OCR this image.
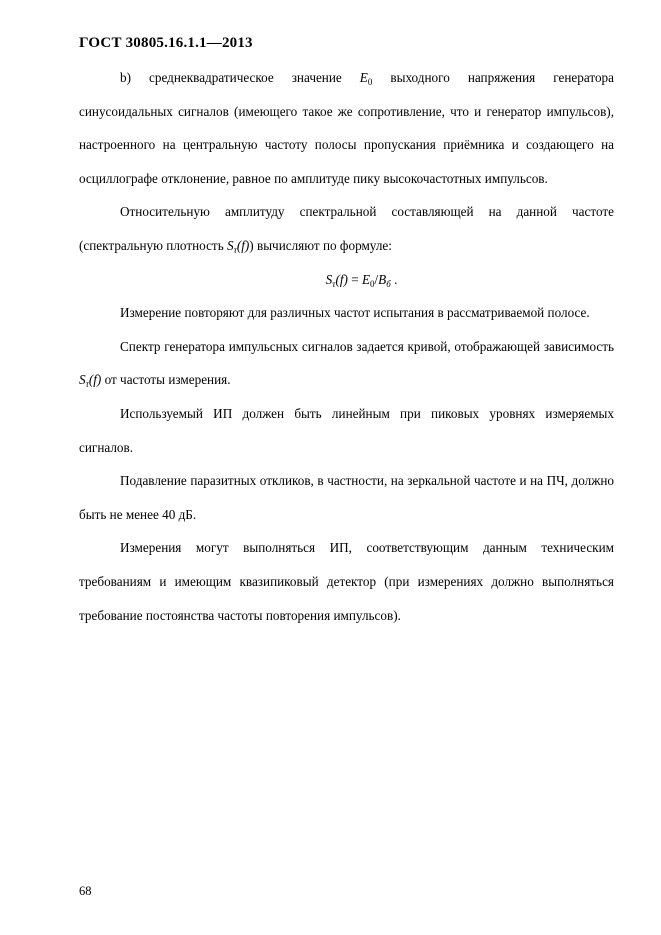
ГОСТ 30805.16.1.1—2013

b) среднеквадратическое значение $E_0$ выходного напряжения генератора синусоидальных сигналов (имеющего такое же сопротивление, что и генератор импульсов), настроенного на центральную частоту полосы пропускания приёмника и создающего на осциллографе отклонение, равное по амплитуде пику высокочастотных импульсов.

Относительную амплитуду спектральной составляющей на данной частоте (спектральную плотность $S_\tau(f)$) вычисляют по формуле:

$S_\tau(f) = E_0/B_б$ .

Измерение повторяют для различных частот испытания в рассматриваемой полосе.

Спектр генератора импульсных сигналов задается кривой, отображающей зависимость $S_\tau(f)$ от частоты измерения.

Используемый ИП должен быть линейным при пиковых уровнях измеряемых сигналов.

Подавление паразитных откликов, в частности, на зеркальной частоте и на ПЧ, должно быть не менее 40 дБ.

Измерения могут выполняться ИП, соответствующим данным техническим требованиям и имеющим квазипиковый детектор (при измерениях должно выполняться требование постоянства частоты повторения импульсов).

68
